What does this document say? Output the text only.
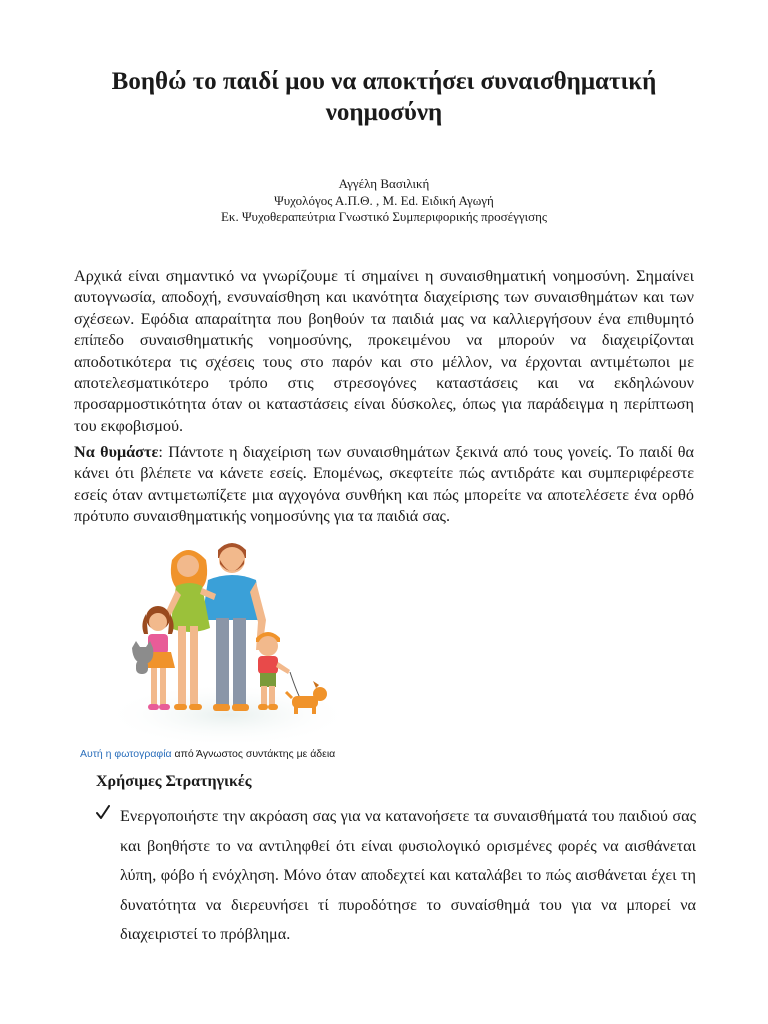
Βοηθώ το παιδί μου να αποκτήσει συναισθηματική νοημοσύνη
Αγγέλη Βασιλική
Ψυχολόγος Α.Π.Θ. , M. Ed. Ειδική Αγωγή
Εκ. Ψυχοθεραπεύτρια Γνωστικό Συμπεριφορικής προσέγγισης

Αρχικά είναι σημαντικό να γνωρίζουμε τί σημαίνει η συναισθηματική νοημοσύνη. Σημαίνει αυτογνωσία, αποδοχή, ενσυναίσθηση και ικανότητα διαχείρισης των συναισθημάτων και των σχέσεων. Εφόδια απαραίτητα που βοηθούν τα παιδιά μας να καλλιεργήσουν ένα επιθυμητό επίπεδο συναισθηματικής νοημοσύνης, προκειμένου να μπορούν να διαχειρίζονται αποδοτικότερα τις σχέσεις τους στο παρόν και στο μέλλον, να έρχονται αντιμέτωποι με αποτελεσματικότερο τρόπο στις στρεσογόνες καταστάσεις και να εκδηλώνουν προσαρμοστικότητα όταν οι καταστάσεις είναι δύσκολες, όπως για παράδειγμα η περίπτωση του εκφοβισμού.

Να θυμάστε: Πάντοτε η διαχείριση των συναισθημάτων ξεκινά από τους γονείς. Το παιδί θα κάνει ότι βλέπετε να κάνετε εσείς. Επομένως, σκεφτείτε πώς αντιδράτε και συμπεριφέρεστε εσείς όταν αντιμετωπίζετε μια αγχογόνα συνθήκη και πώς μπορείτε να αποτελέσετε ένα ορθό πρότυπο συναισθηματικής νοημοσύνης για τα παιδιά σας.

Αυτή η φωτογραφία από Άγνωστος συντάκτης με άδεια
Χρήσιμες Στρατηγικές
Ενεργοποιήστε την ακρόαση σας για να κατανοήσετε τα συναισθήματά του παιδιού σας και βοηθήστε το να αντιληφθεί ότι είναι φυσιολογικό ορισμένες φορές να αισθάνεται λύπη, φόβο ή ενόχληση. Μόνο όταν αποδεχτεί και καταλάβει το πώς αισθάνεται έχει τη δυνατότητα να διερευνήσει τί πυροδότησε το συναίσθημά του για να μπορεί να διαχειριστεί το πρόβλημα.
